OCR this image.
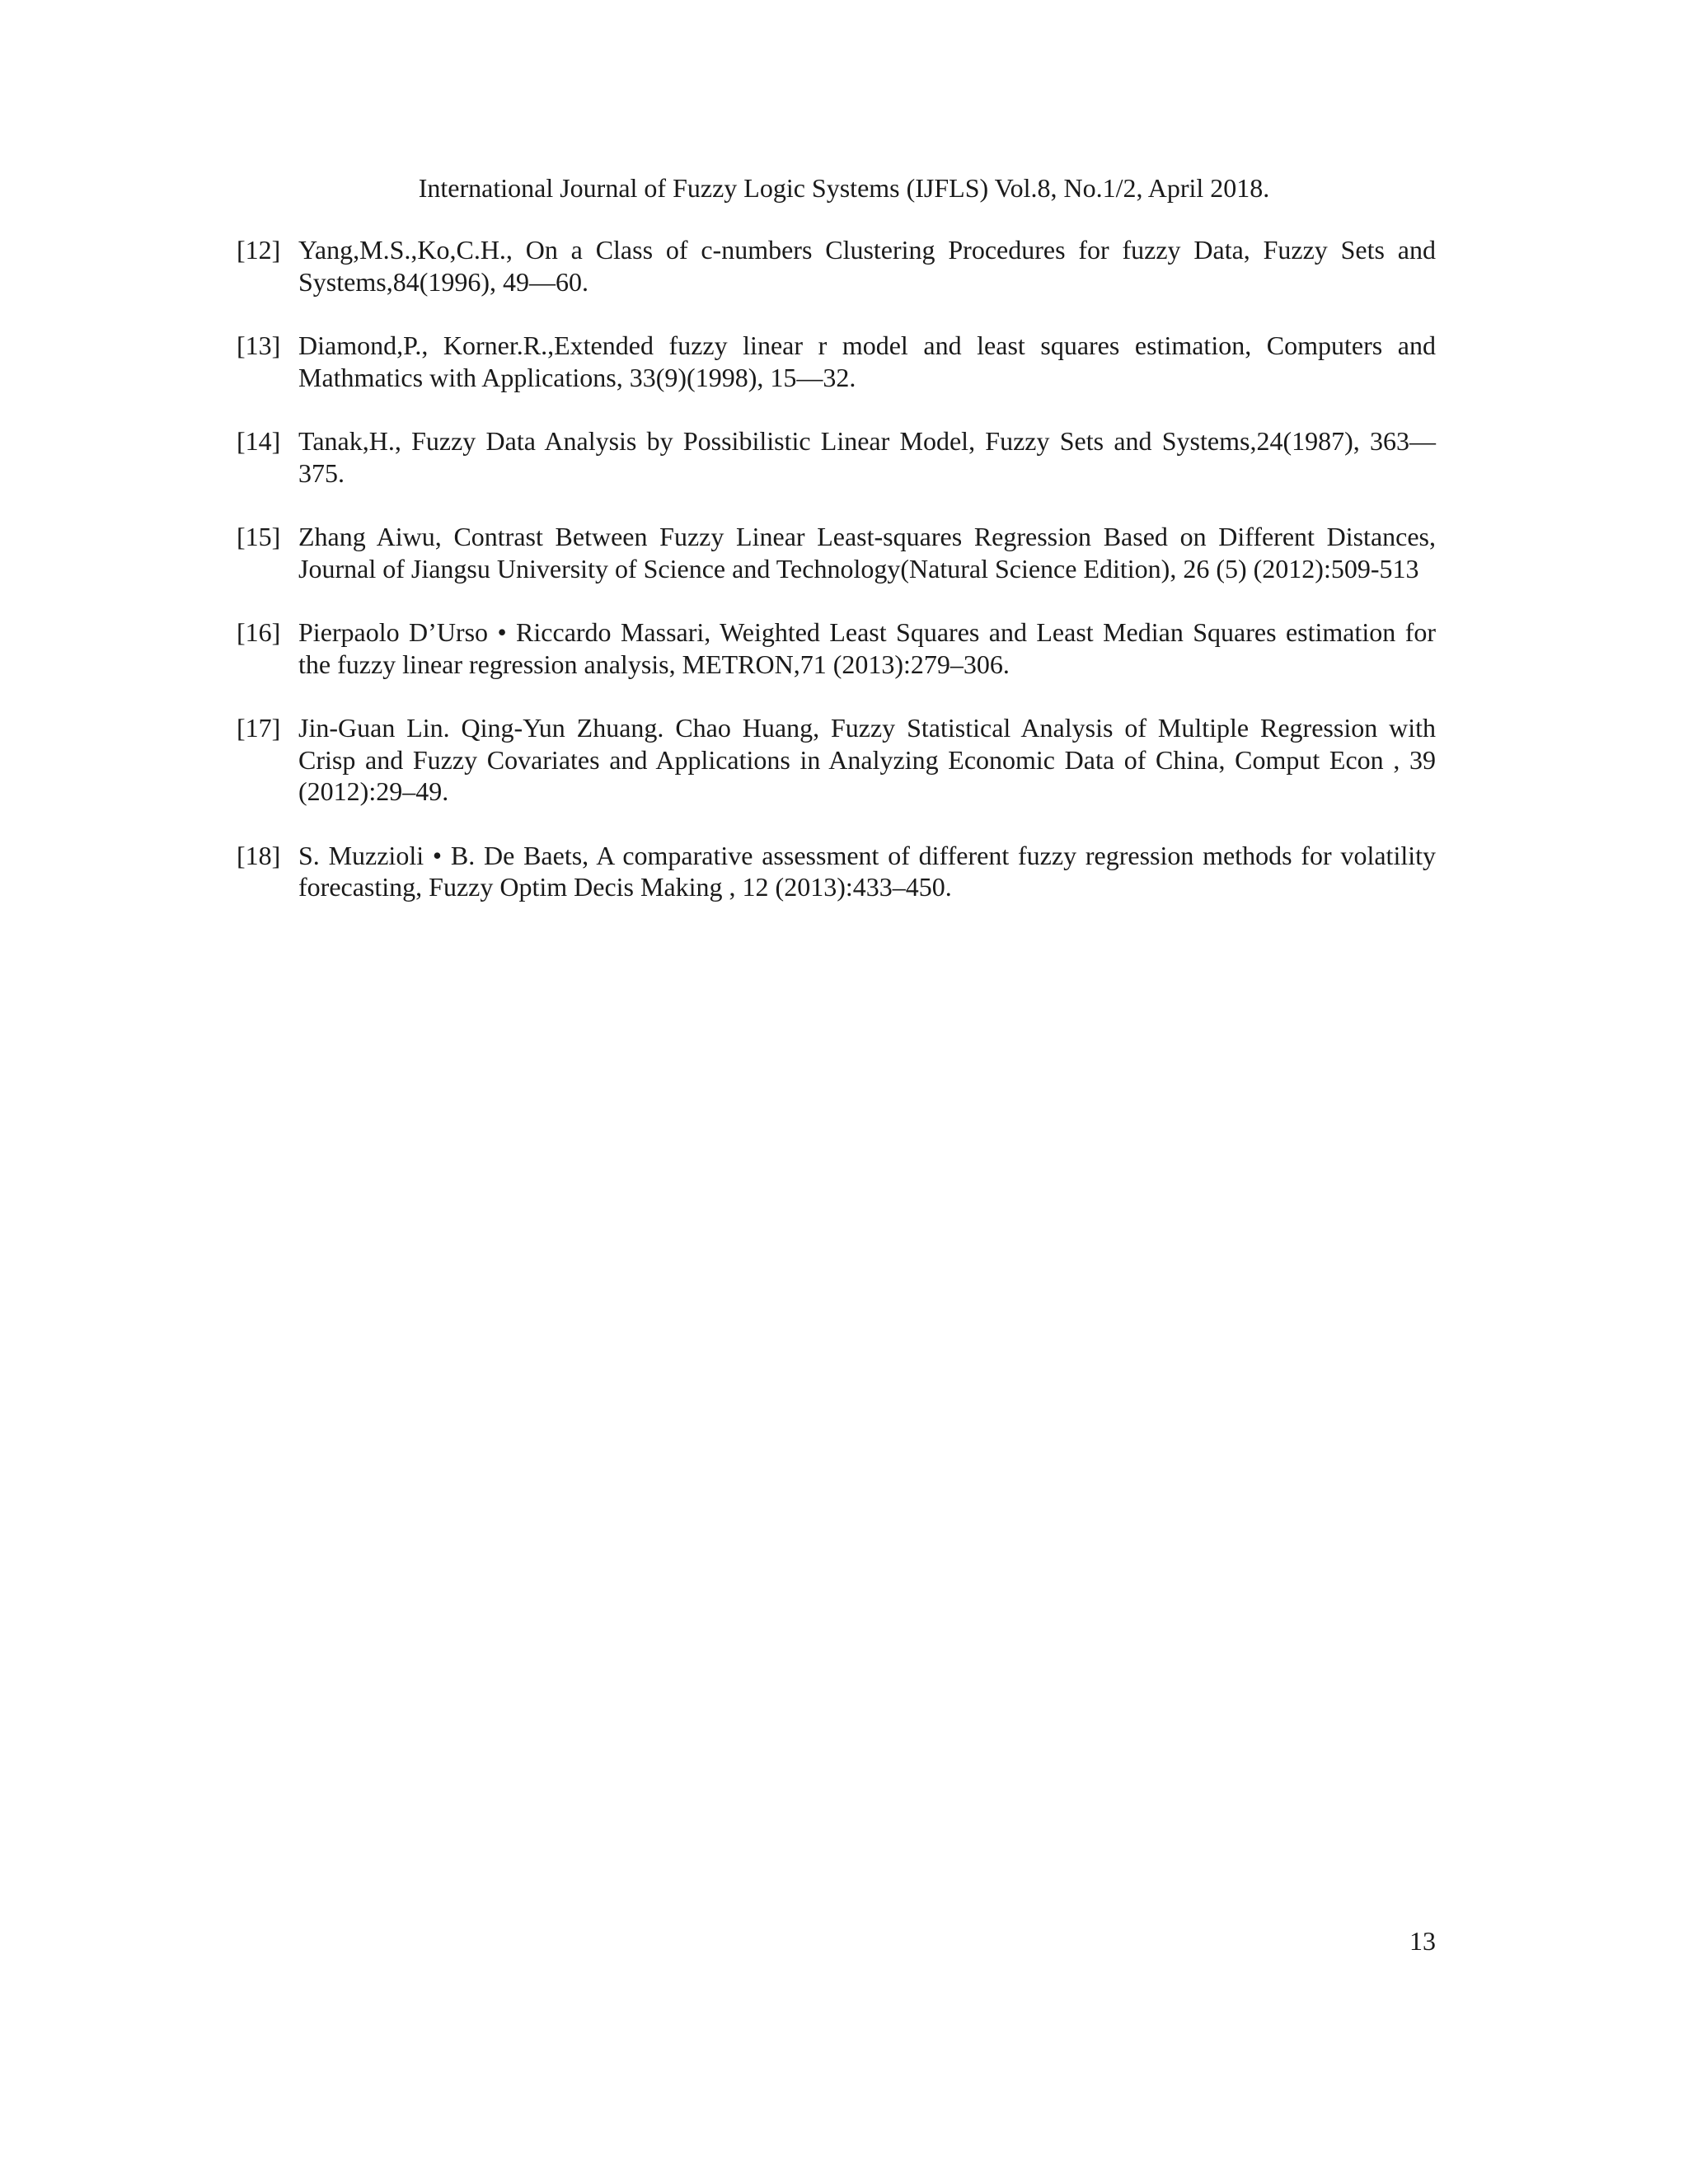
International Journal of Fuzzy Logic Systems (IJFLS) Vol.8, No.1/2, April 2018.
[12] Yang,M.S.,Ko,C.H., On a Class of c-numbers Clustering Procedures for fuzzy Data, Fuzzy Sets and Systems,84(1996), 49—60.
[13] Diamond,P., Korner.R.,Extended fuzzy linear r model and least squares estimation, Computers and Mathmatics with Applications, 33(9)(1998), 15—32.
[14] Tanak,H., Fuzzy Data Analysis by Possibilistic Linear Model, Fuzzy Sets and Systems,24(1987), 363—375.
[15] Zhang Aiwu, Contrast Between Fuzzy Linear Least-squares Regression Based on Different Distances, Journal of Jiangsu University of Science and Technology(Natural Science Edition), 26 (5) (2012):509-513
[16] Pierpaolo D’Urso • Riccardo Massari, Weighted Least Squares and Least Median Squares estimation for the fuzzy linear regression analysis, METRON,71 (2013):279–306.
[17] Jin-Guan Lin. Qing-Yun Zhuang. Chao Huang, Fuzzy Statistical Analysis of Multiple Regression with Crisp and Fuzzy Covariates and Applications in Analyzing Economic Data of China, Comput Econ , 39 (2012):29–49.
[18] S. Muzzioli • B. De Baets, A comparative assessment of different fuzzy regression methods for volatility forecasting, Fuzzy Optim Decis Making , 12 (2013):433–450.
13
